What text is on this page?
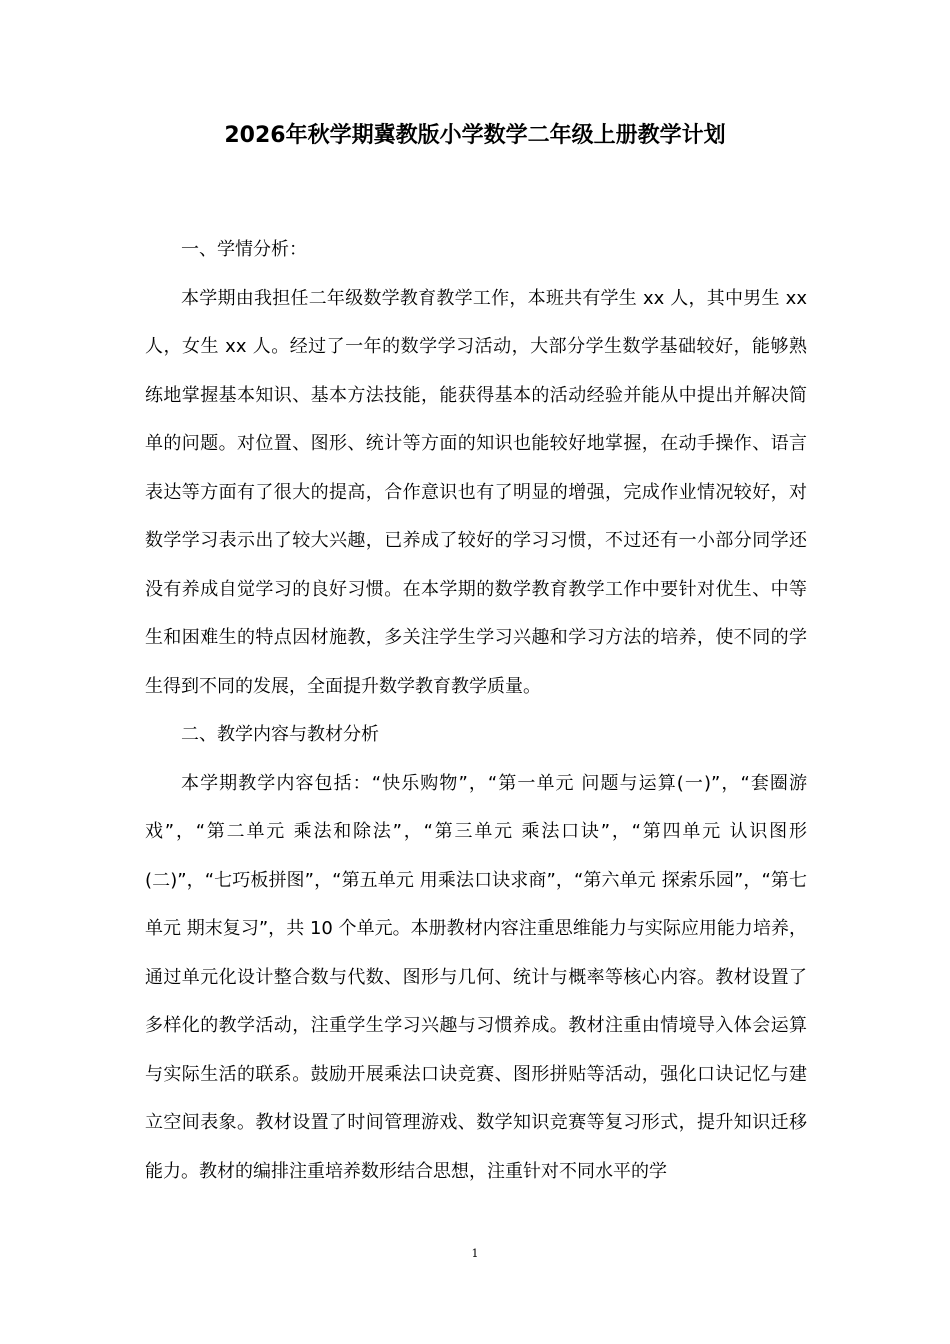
2026年秋学期冀教版小学数学二年级上册教学计划

一、学情分析：

本学期由我担任二年级数学教育教学工作，本班共有学生 xx 人，其中男生 xx 人，女生 xx 人。经过了一年的数学学习活动，大部分学生数学基础较好，能够熟练地掌握基本知识、基本方法技能，能获得基本的活动经验并能从中提出并解决简单的问题。对位置、图形、统计等方面的知识也能较好地掌握，在动手操作、语言表达等方面有了很大的提高，合作意识也有了明显的增强，完成作业情况较好，对数学学习表示出了较大兴趣，已养成了较好的学习习惯，不过还有一小部分同学还没有养成自觉学习的良好习惯。在本学期的数学教育教学工作中要针对优生、中等生和困难生的特点因材施教，多关注学生学习兴趣和学习方法的培养，使不同的学生得到不同的发展，全面提升数学教育教学质量。

二、教学内容与教材分析

本学期教学内容包括：“快乐购物”，“第一单元 问题与运算(一)”，“套圈游戏”，“第二单元 乘法和除法”，“第三单元 乘法口诀”，“第四单元 认识图形(二)”，“七巧板拼图”，“第五单元 用乘法口诀求商”，“第六单元 探索乐园”，“第七单元 期末复习”，共 10 个单元。本册教材内容注重思维能力与实际应用能力培养，通过单元化设计整合数与代数、图形与几何、统计与概率等核心内容。教材设置了多样化的教学活动，注重学生学习兴趣与习惯养成。教材注重由情境导入体会运算与实际生活的联系。鼓励开展乘法口诀竞赛、图形拼贴等活动，强化口诀记忆与建立空间表象。教材设置了时间管理游戏、数学知识竞赛等复习形式，提升知识迁移能力。教材的编排注重培养数形结合思想，注重针对不同水平的学

1
